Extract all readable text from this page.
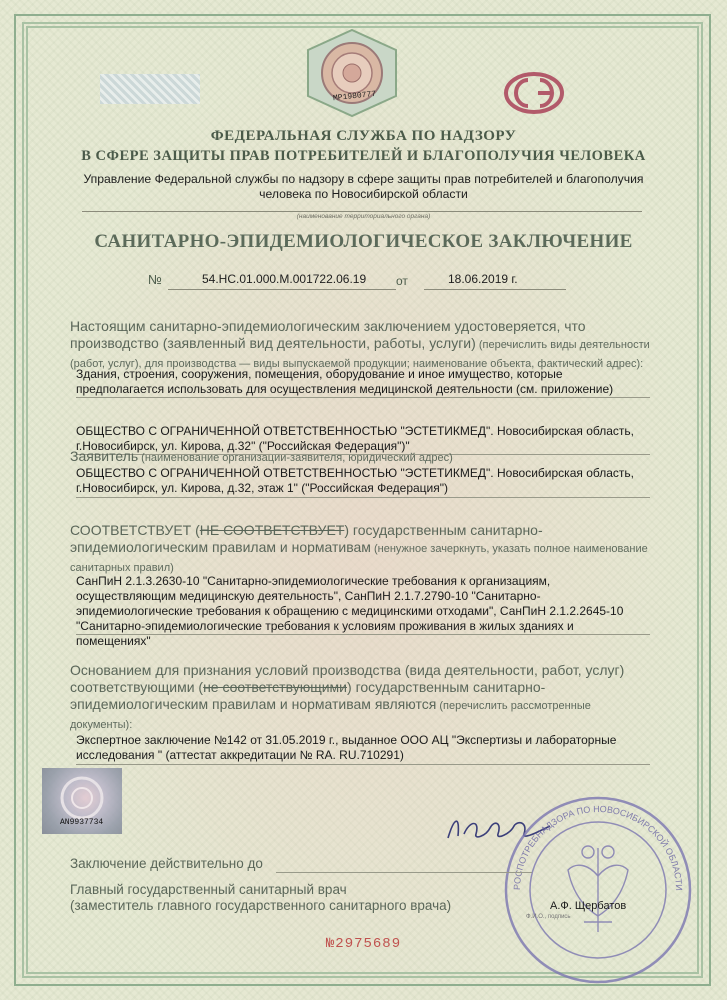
MP1980777
ФЕДЕРАЛЬНАЯ СЛУЖБА ПО НАДЗОРУ
В СФЕРЕ ЗАЩИТЫ ПРАВ ПОТРЕБИТЕЛЕЙ И БЛАГОПОЛУЧИЯ ЧЕЛОВЕКА
Управление Федеральной службы по надзору в сфере защиты прав потребителей и благополучия
человека по Новосибирской области
(наименование территориального органа)
САНИТАРНО-ЭПИДЕМИОЛОГИЧЕСКОЕ ЗАКЛЮЧЕНИЕ
№	54.НС.01.000.М.001722.06.19 от	18.06.2019 г.
Настоящим санитарно-эпидемиологическим заключением удостоверяется, что производство (заявленный вид деятельности, работы, услуги) (перечислить виды деятельности (работ, услуг), для производства — виды выпускаемой продукции; наименование объекта, фактический адрес):
Здания, строения, сооружения, помещения, оборудование и иное имущество, которые предполагается использовать для осуществления медицинской деятельности (см. приложение)
ОБЩЕСТВО С ОГРАНИЧЕННОЙ ОТВЕТСТВЕННОСТЬЮ "ЭСТЕТИКМЕД". Новосибирская область, г.Новосибирск, ул. Кирова, д.32" ("Российская Федерация")"
Заявитель (наименование организации-заявителя, юридический адрес)
ОБЩЕСТВО С ОГРАНИЧЕННОЙ ОТВЕТСТВЕННОСТЬЮ "ЭСТЕТИКМЕД". Новосибирская область, г.Новосибирск, ул. Кирова, д.32, этаж 1" ("Российская Федерация")
СООТВЕТСТВУЕТ (НЕ СООТВЕТСТВУЕТ) государственным санитарно-эпидемиологическим правилам и нормативам (ненужное зачеркнуть, указать полное наименование санитарных правил)
СанПиН 2.1.3.2630-10 "Санитарно-эпидемиологические требования к организациям, осуществляющим медицинскую деятельность", СанПиН 2.1.7.2790-10 "Санитарно-эпидемиологические требования к обращению с медицинскими отходами", СанПиН 2.1.2.2645-10 "Санитарно-эпидемиологические требования к условиям проживания в жилых зданиях и помещениях"
Основанием для признания условий производства (вида деятельности, работ, услуг) соответствующими (не соответствующими) государственным санитарно-эпидемиологическим правилам и нормативам являются (перечислить рассмотренные документы):
Экспертное заключение №142 от 31.05.2019 г., выданное ООО АЦ "Экспертизы и лабораторные исследования " (аттестат аккредитации № RA. RU.710291)
AN9937734
РОСПОТРЕБНАДЗОРА ПО НОВОСИБИРСКОЙ ОБЛАСТИ
Заключение действительно до
Главный государственный санитарный врач
(заместитель главного государственного санитарного врача)	А.Ф. Щербатов
Ф.И.О., подпись
№2975689
